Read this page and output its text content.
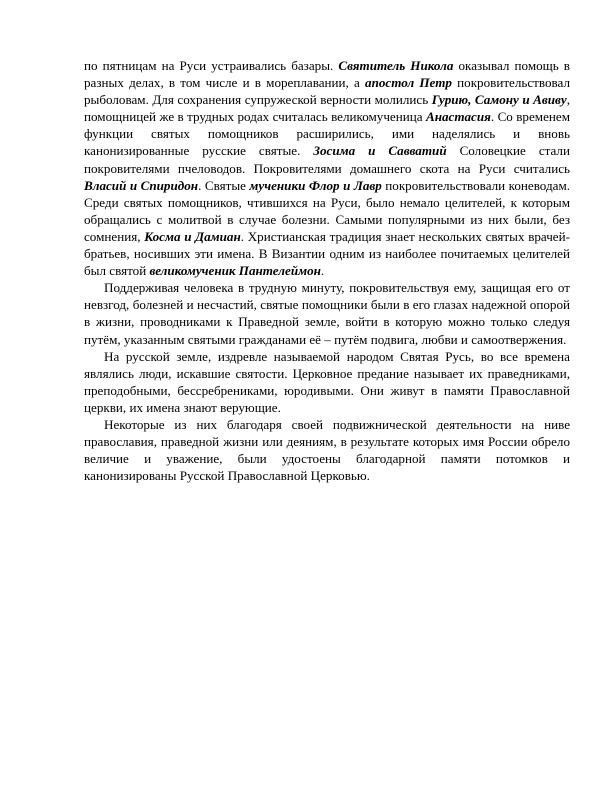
по пятницам на Руси устраивались базары. Святитель Никола оказывал помощь в разных делах, в том числе и в мореплавании, а апостол Петр покровительствовал рыболовам. Для сохранения супружеской верности молились Гурию, Самону и Авиву, помощницей же в трудных родах считалась великомученица Анастасия. Со временем функции святых помощников расширились, ими наделялись и вновь канонизированные русские святые. Зосима и Савватий Соловецкие стали покровителями пчеловодов. Покровителями домашнего скота на Руси считались Власий и Спиридон. Святые мученики Флор и Лавр покровительствовали коневодам. Среди святых помощников, чтившихся на Руси, было немало целителей, к которым обращались с молитвой в случае болезни. Самыми популярными из них были, без сомнения, Косма и Дамиан. Христианская традиция знает нескольких святых врачей-братьев, носивших эти имена. В Византии одним из наиболее почитаемых целителей был святой великомученик Пантелеймон.

Поддерживая человека в трудную минуту, покровительствуя ему, защищая его от невзгод, болезней и несчастий, святые помощники были в его глазах надежной опорой в жизни, проводниками к Праведной земле, войти в которую можно только следуя путём, указанным святыми гражданами её – путём подвига, любви и самоотвержения.

На русской земле, издревле называемой народом Святая Русь, во все времена являлись люди, искавшие святости. Церковное предание называет их праведниками, преподобными, бессребрениками, юродивыми. Они живут в памяти Православной церкви, их имена знают верующие.

Некоторые из них благодаря своей подвижнической деятельности на ниве православия, праведной жизни или деяниям, в результате которых имя России обрело величие и уважение, были удостоены благодарной памяти потомков и канонизированы Русской Православной Церковью.
